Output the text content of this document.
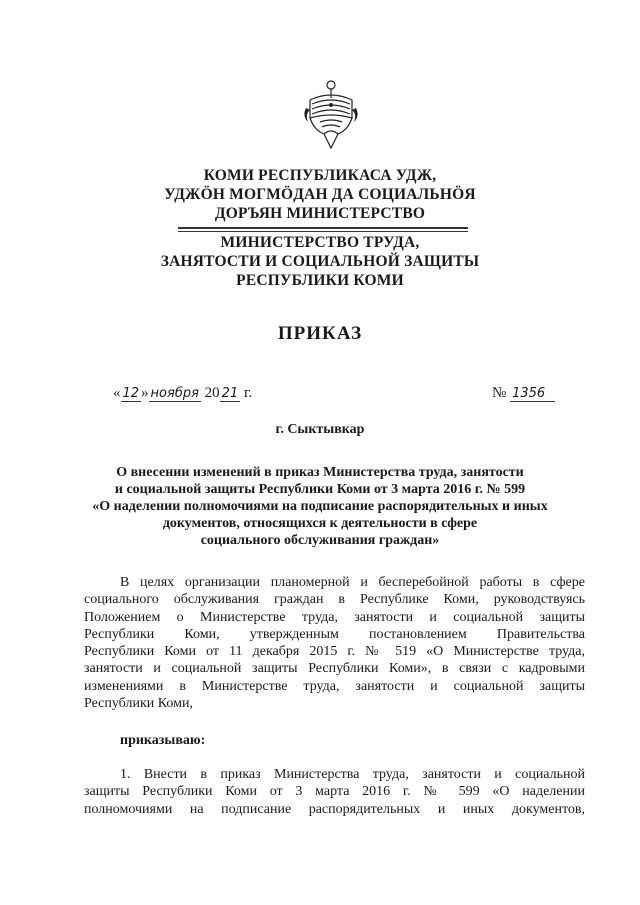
КОМИ РЕСПУБЛИКАСА УДЖ,
УДЖÖН МОГМÖДАН ДА СОЦИАЛЬНÖЯ
ДОРЪЯН МИНИСТЕРСТВО
МИНИСТЕРСТВО ТРУДА,
ЗАНЯТОСТИ И СОЦИАЛЬНОЙ ЗАЩИТЫ
РЕСПУБЛИКИ КОМИ
ПРИКАЗ
« 12 » ноября 20 21 г.	№ 1356
г. Сыктывкар
О внесении изменений в приказ Министерства труда, занятости
и социальной защиты Республики Коми от 3 марта 2016 г. № 599
«О наделении полномочиями на подписание распорядительных и иных
документов, относящихся к деятельности в сфере
социального обслуживания граждан»
В целях организации планомерной и бесперебойной работы в сфере
социального обслуживания граждан в Республике Коми, руководствуясь
Положением о Министерстве труда, занятости и социальной защиты
Республики Коми, утвержденным постановлением Правительства
Республики Коми от 11 декабря 2015 г. № 519 «О Министерстве труда,
занятости и социальной защиты Республики Коми», в связи с кадровыми
изменениями в Министерстве труда, занятости и социальной защиты
Республики Коми,
приказываю:
1. Внести в приказ Министерства труда, занятости и социальной
защиты Республики Коми от 3 марта 2016 г. № 599 «О наделении
полномочиями на подписание распорядительных и иных документов,
